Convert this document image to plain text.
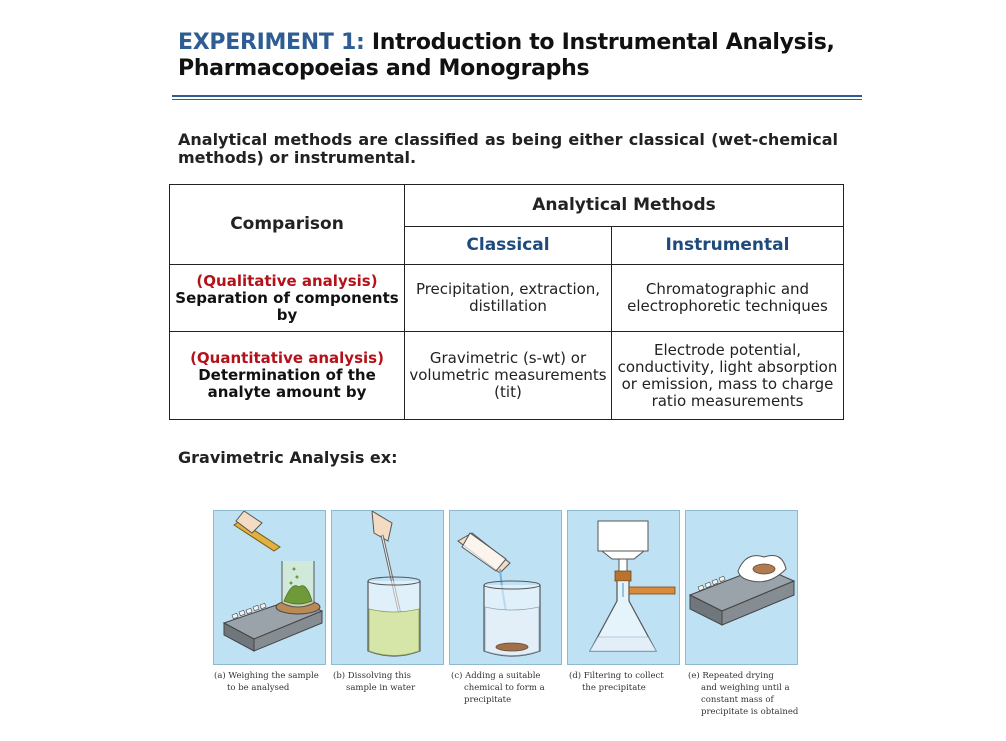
EXPERIMENT 1: Introduction to Instrumental Analysis,
Pharmacopoeias and Monographs
Analytical methods are classified as being either classical (wet-chemical methods) or instrumental.
Comparison	Analytical Methods	
	Classical	Instrumental

(Qualitative analysis)
Separation of components by	Precipitation, extraction, distillation	Chromatographic and electrophoretic techniques

(Quantitative analysis)
Determination of the analyte amount by	Gravimetric (s-wt) or volumetric measurements (tit)	Electrode potential, conductivity, light absorption or emission, mass to charge ratio measurements
Gravimetric Analysis ex:
(a) Weighing the sample
to be analysed
(b) Dissolving this
sample in water
(c) Adding a suitable
chemical to form a
precipitate
(d) Filtering to collect
the precipitate
(e) Repeated drying
and weighing until a
constant mass of
precipitate is obtained
